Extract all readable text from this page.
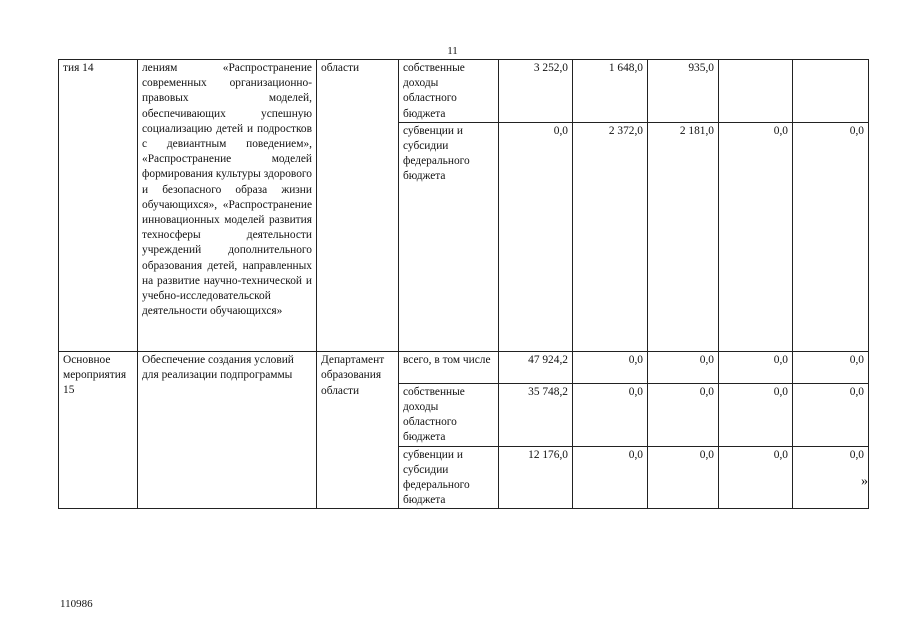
11
тия 14	лениям «Распространение современных организационно-правовых моделей, обеспечивающих успешную социализацию детей и подростков с девиантным поведением», «Распространение моделей формирования культуры здорового и безопасного образа жизни обучающихся», «Распространение инновационных моделей развития техносферы деятельности учреждений дополнительного образования детей, направленных на развитие научно-технической и учебно-исследовательской деятельности обучающихся»	области	собственные доходы областного бюджета	3 252,0	1 648,0	935,0		
			субвенции и субсидии федерального бюджета	0,0	2 372,0	2 181,0	0,0	0,0
Основное мероприятия 15	Обеспечение создания условий для реализации подпрограммы	Департамент образования	всего, в том числе	47 924,2	0,0	0,0	0,0	0,0
		области	собственные доходы областного бюджета	35 748,2	0,0	0,0	0,0	0,0
			субвенции и субсидии федерального бюджета	12 176,0	0,0	0,0	0,0	0,0
»
110986
